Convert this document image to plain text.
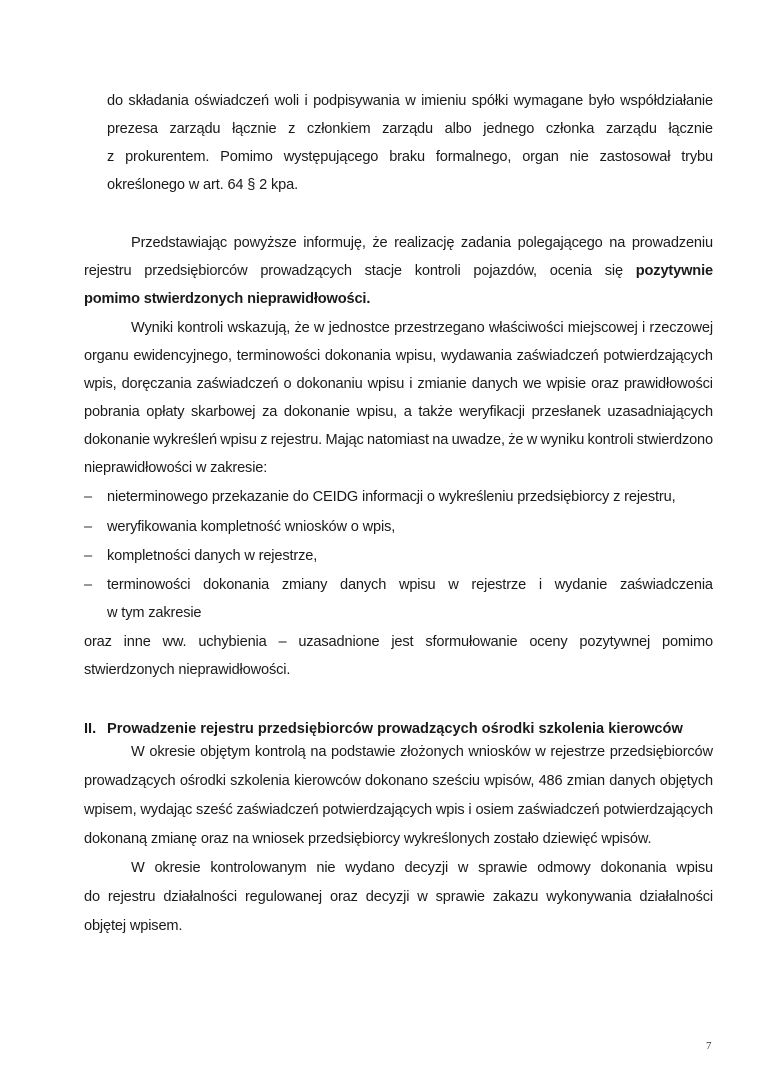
do składania oświadczeń woli i podpisywania w imieniu spółki wymagane było współdziałanie
prezesa zarządu łącznie z członkiem zarządu albo jednego członka zarządu łącznie
z prokurentem. Pomimo występującego braku formalnego, organ nie zastosował trybu
określonego w art. 64 § 2 kpa.
Przedstawiając powyższe informuję, że realizację zadania polegającego na prowadzeniu
rejestru przedsiębiorców prowadzących stacje kontroli pojazdów, ocenia się pozytywnie
pomimo stwierdzonych nieprawidłowości.
Wyniki kontroli wskazują, że w jednostce przestrzegano właściwości miejscowej i rzeczowej
organu ewidencyjnego, terminowości dokonania wpisu, wydawania zaświadczeń potwierdzających
wpis, doręczania zaświadczeń o dokonaniu wpisu i zmianie danych we wpisie oraz prawidłowości
pobrania opłaty skarbowej za dokonanie wpisu, a także weryfikacji przesłanek uzasadniających
dokonanie wykreśleń wpisu z rejestru. Mając natomiast na uwadze, że w wyniku kontroli stwierdzono
nieprawidłowości w zakresie:
– nieterminowego przekazanie do CEIDG informacji o wykreśleniu przedsiębiorcy z rejestru,
– weryfikowania kompletność wniosków o wpis,
– kompletności danych w rejestrze,
– terminowości dokonania zmiany danych wpisu w rejestrze i wydanie zaświadczenia
w tym zakresie
oraz inne ww. uchybienia – uzasadnione jest sformułowanie oceny pozytywnej pomimo
stwierdzonych nieprawidłowości.
II. Prowadzenie rejestru przedsiębiorców prowadzących ośrodki szkolenia kierowców
W okresie objętym kontrolą na podstawie złożonych wniosków w rejestrze przedsiębiorców
prowadzących ośrodki szkolenia kierowców dokonano sześciu wpisów, 486 zmian danych objętych
wpisem, wydając sześć zaświadczeń potwierdzających wpis i osiem zaświadczeń potwierdzających
dokonaną zmianę oraz na wniosek przedsiębiorcy wykreślonych zostało dziewięć wpisów.
W okresie kontrolowanym nie wydano decyzji w sprawie odmowy dokonania wpisu
do rejestru działalności regulowanej oraz decyzji w sprawie zakazu wykonywania działalności
objętej wpisem.
7
